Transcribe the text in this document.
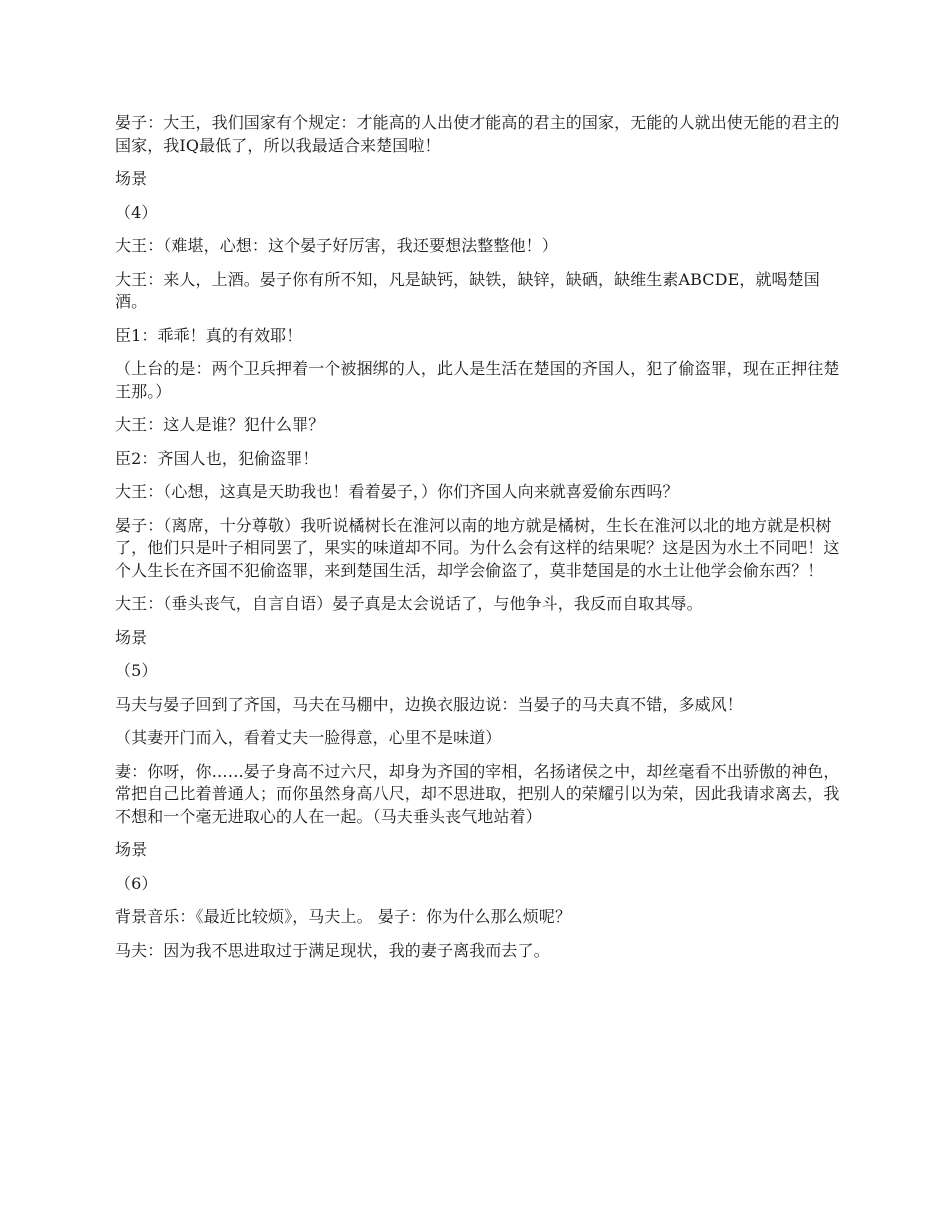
晏子：大王，我们国家有个规定：才能高的人出使才能高的君主的国家，无能的人就出使无能的君主的国家，我IQ最低了，所以我最适合来楚国啦！

场景

（4）

大王：（难堪，心想：这个晏子好厉害，我还要想法整整他！）

大王：来人，上酒。晏子你有所不知，凡是缺钙，缺铁，缺锌，缺硒，缺维生素ABCDE，就喝楚国酒。

臣1：乖乖！真的有效耶！

（上台的是：两个卫兵押着一个被捆绑的人，此人是生活在楚国的齐国人，犯了偷盗罪，现在正押往楚王那。）

大王：这人是谁？犯什么罪？

臣2：齐国人也，犯偷盗罪！

大王：（心想，这真是天助我也！看着晏子，）你们齐国人向来就喜爱偷东西吗？

晏子：（离席，十分尊敬）我听说橘树长在淮河以南的地方就是橘树，生长在淮河以北的地方就是枳树了，他们只是叶子相同罢了，果实的味道却不同。为什么会有这样的结果呢？这是因为水土不同吧！这个人生长在齐国不犯偷盗罪，来到楚国生活，却学会偷盗了，莫非楚国是的水土让他学会偷东西？！

大王：（垂头丧气，自言自语）晏子真是太会说话了，与他争斗，我反而自取其辱。

场景

（5）

马夫与晏子回到了齐国，马夫在马棚中，边换衣服边说：当晏子的马夫真不错，多威风！

（其妻开门而入，看着丈夫一脸得意，心里不是味道）

妻：你呀，你……晏子身高不过六尺，却身为齐国的宰相，名扬诸侯之中，却丝毫看不出骄傲的神色，常把自己比着普通人；而你虽然身高八尺，却不思进取，把别人的荣耀引以为荣，因此我请求离去，我不想和一个毫无进取心的人在一起。（马夫垂头丧气地站着）

场景

（6）

背景音乐：《最近比较烦》，马夫上。 晏子：你为什么那么烦呢？

马夫：因为我不思进取过于满足现状，我的妻子离我而去了。
